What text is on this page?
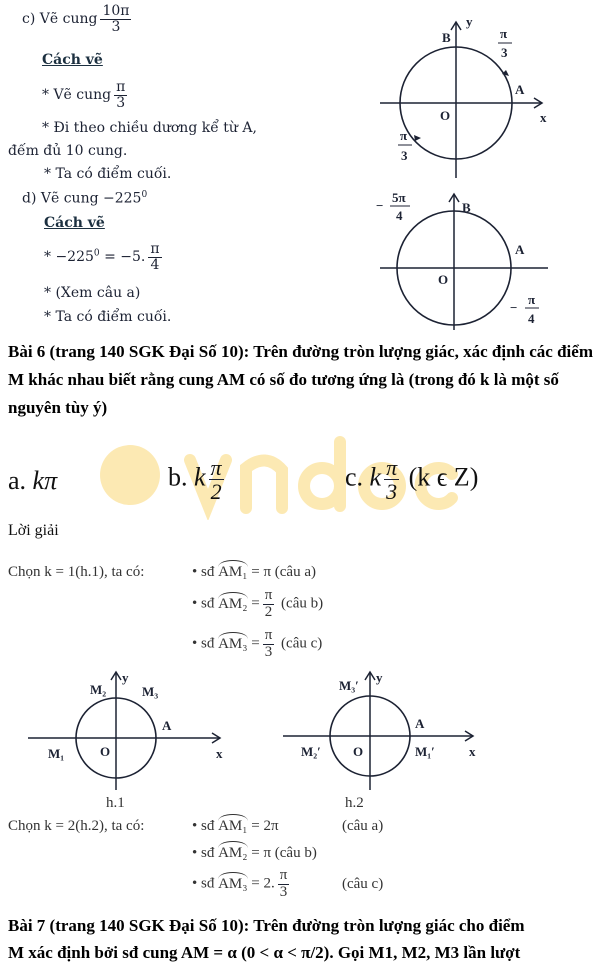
c) Vẽ cung $\frac{10\pi}{3}$
Cách vẽ
* Vẽ cung $\frac{\pi}{3}$
* Đi theo chiều dương kể từ A,
đếm đủ 10 cung.
* Ta có điểm cuối.
d) Vẽ cung $-225^0$
Cách vẽ
* $-225^0 = -5$. $\frac{\pi}{4}$
* (Xem câu a)
* Ta có điểm cuối.
y
x
B
A
O
π
3
π
3
B
A
O
−
5π
4
−
π
4
Bài 6 (trang 140 SGK Đại Số 10): Trên đường tròn lượng giác, xác định các điểm M khác nhau biết rằng cung AM có số đo tương ứng là (trong đó k là một số nguyên tùy ý)
a. kπ	b. k $\frac{\pi}{2}$	c. k $\frac{\pi}{3} (k$ ϵ Z)
Lời giải
Chọn k = 1(h.1), ta có:	• sđ AM₁ = π (câu a)
• sđ $AM_2 = \frac{\pi}{2}$ (câu b)
• sđ $AM_3 = \frac{\pi}{3}$ (câu c)
y
x
M₂	M₃
A
M₁	O
h.1
y
x
M₃′
A
M₁′
M₂′ O
h.2
Chọn k = 2(h.2), ta có:	• sđ AM₁ = 2π	(câu a)
• sđ AM₂ = π (câu b)
• sđ AM₃ = 2. $\frac{\pi}{3}$	(câu c)
Bài 7 (trang 140 SGK Đại Số 10): Trên đường tròn lượng giác cho điểm
M xác định bởi sđ cung AM = α (0 < α < π/2). Gọi M1, M2, M3 lần lượt
